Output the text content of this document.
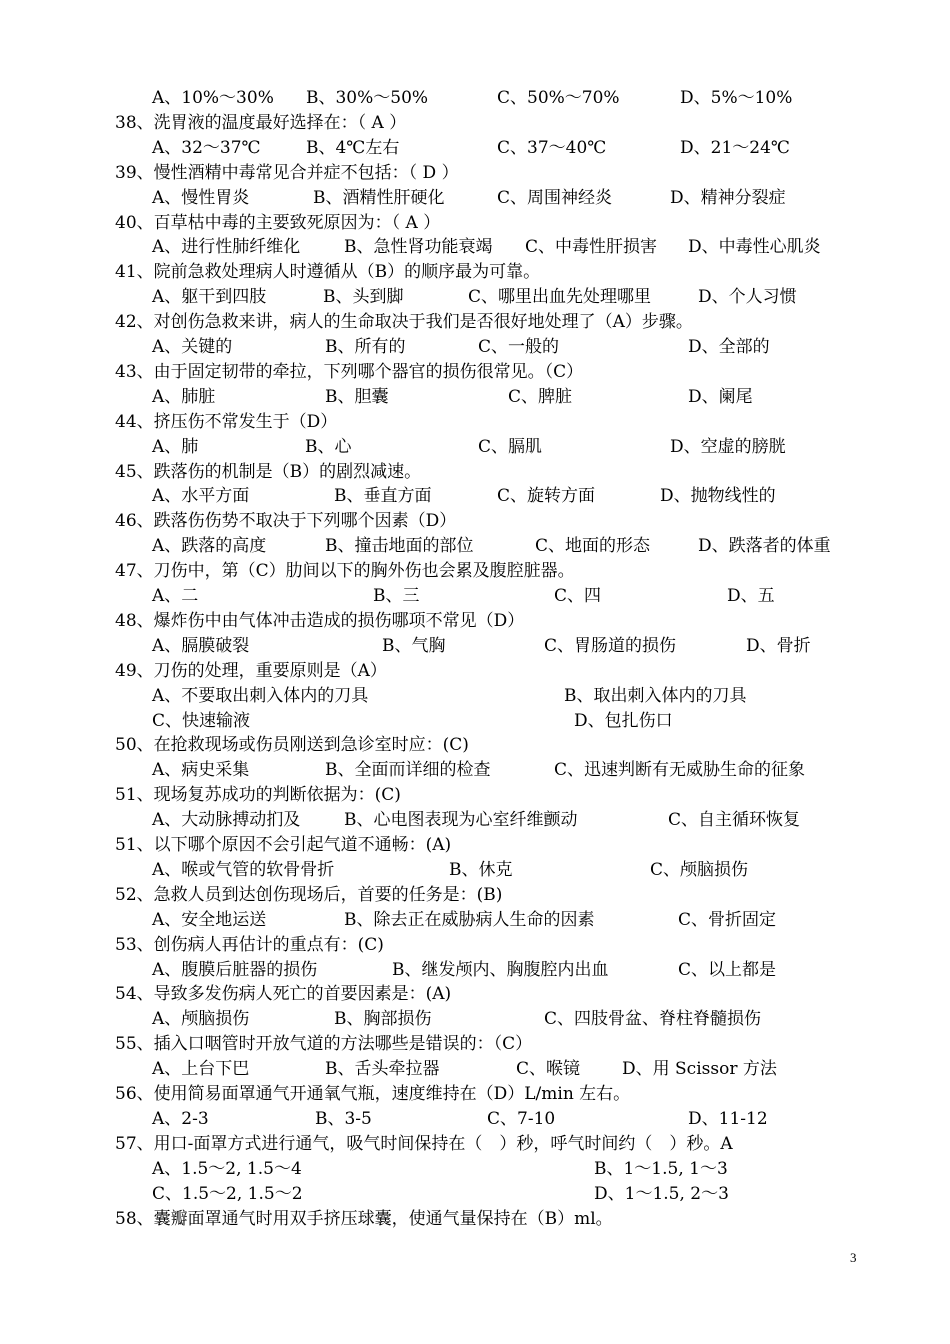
A、10%～30% B、30%～50%	C、50%～70%	D、5%～10%
38、洗胃液的温度最好选择在：（ A ）
A、32～37℃	B、4℃左右	C、37～40℃	D、21～24℃
39、慢性酒精中毒常见合并症不包括：（ D ）
A、慢性胃炎	B、酒精性肝硬化	C、周围神经炎	D、精神分裂症
40、百草枯中毒的主要致死原因为：（ A ）
A、进行性肺纤维化	B、急性肾功能衰竭 C、中毒性肝损害 D、中毒性心肌炎
41、院前急救处理病人时遵循从（B）的顺序最为可靠。
A、躯干到四肢	B、头到脚	C、哪里出血先处理哪里	D、个人习惯
42、对创伤急救来讲，病人的生命取决于我们是否很好地处理了（A）步骤。
A、关键的	B、所有的	C、一般的	D、全部的
43、由于固定韧带的牵拉，下列哪个器官的损伤很常见。（C）
A、肺脏	B、胆囊	C、脾脏	D、阑尾
44、挤压伤不常发生于（D）
A、肺	B、心	C、膈肌	D、空虚的膀胱
45、跌落伤的机制是（B）的剧烈减速。
A、水平方面	B、垂直方面	C、旋转方面	D、抛物线性的
46、跌落伤伤势不取决于下列哪个因素（D）
A、跌落的高度	B、撞击地面的部位	C、地面的形态	D、跌落者的体重
47、刀伤中，第（C）肋间以下的胸外伤也会累及腹腔脏器。
A、二	B、三	C、四	D、五
48、爆炸伤中由气体冲击造成的损伤哪项不常见（D）
A、膈膜破裂	B、气胸	C、胃肠道的损伤	D、骨折
49、刀伤的处理，重要原则是（A）
A、不要取出刺入体内的刀具	B、取出刺入体内的刀具
C、快速输液	D、包扎伤口
50、在抢救现场或伤员刚送到急诊室时应：(C)
A、病史采集	B、全面而详细的检查	C、迅速判断有无威胁生命的征象
51、现场复苏成功的判断依据为：(C)
A、大动脉搏动扪及	B、心电图表现为心室纤维颤动	C、自主循环恢复
51、以下哪个原因不会引起气道不通畅：(A)
A、喉或气管的软骨骨折	B、休克	C、颅脑损伤
52、急救人员到达创伤现场后，首要的任务是：(B)
A、安全地运送	B、除去正在威胁病人生命的因素	C、骨折固定
53、创伤病人再估计的重点有：(C)
A、腹膜后脏器的损伤	B、继发颅内、胸腹腔内出血	C、以上都是
54、导致多发伤病人死亡的首要因素是：(A)
A、颅脑损伤	B、胸部损伤	C、四肢骨盆、脊柱脊髓损伤
55、插入口咽管时开放气道的方法哪些是错误的：（C）
A、上台下巴	B、舌头牵拉器	C、喉镜 D、用 Scissor 方法
56、使用简易面罩通气开通氧气瓶，速度维持在（D）L/min 左右。
A、2-3	B、3-5	C、7-10	D、11-12
57、用口-面罩方式进行通气，吸气时间保持在（　）秒，呼气时间约（　）秒。A
A、1.5～2, 1.5～4	B、1～1.5, 1～3
C、1.5～2, 1.5～2	D、1～1.5, 2～3
58、囊瓣面罩通气时用双手挤压球囊，使通气量保持在（B）ml。
3
